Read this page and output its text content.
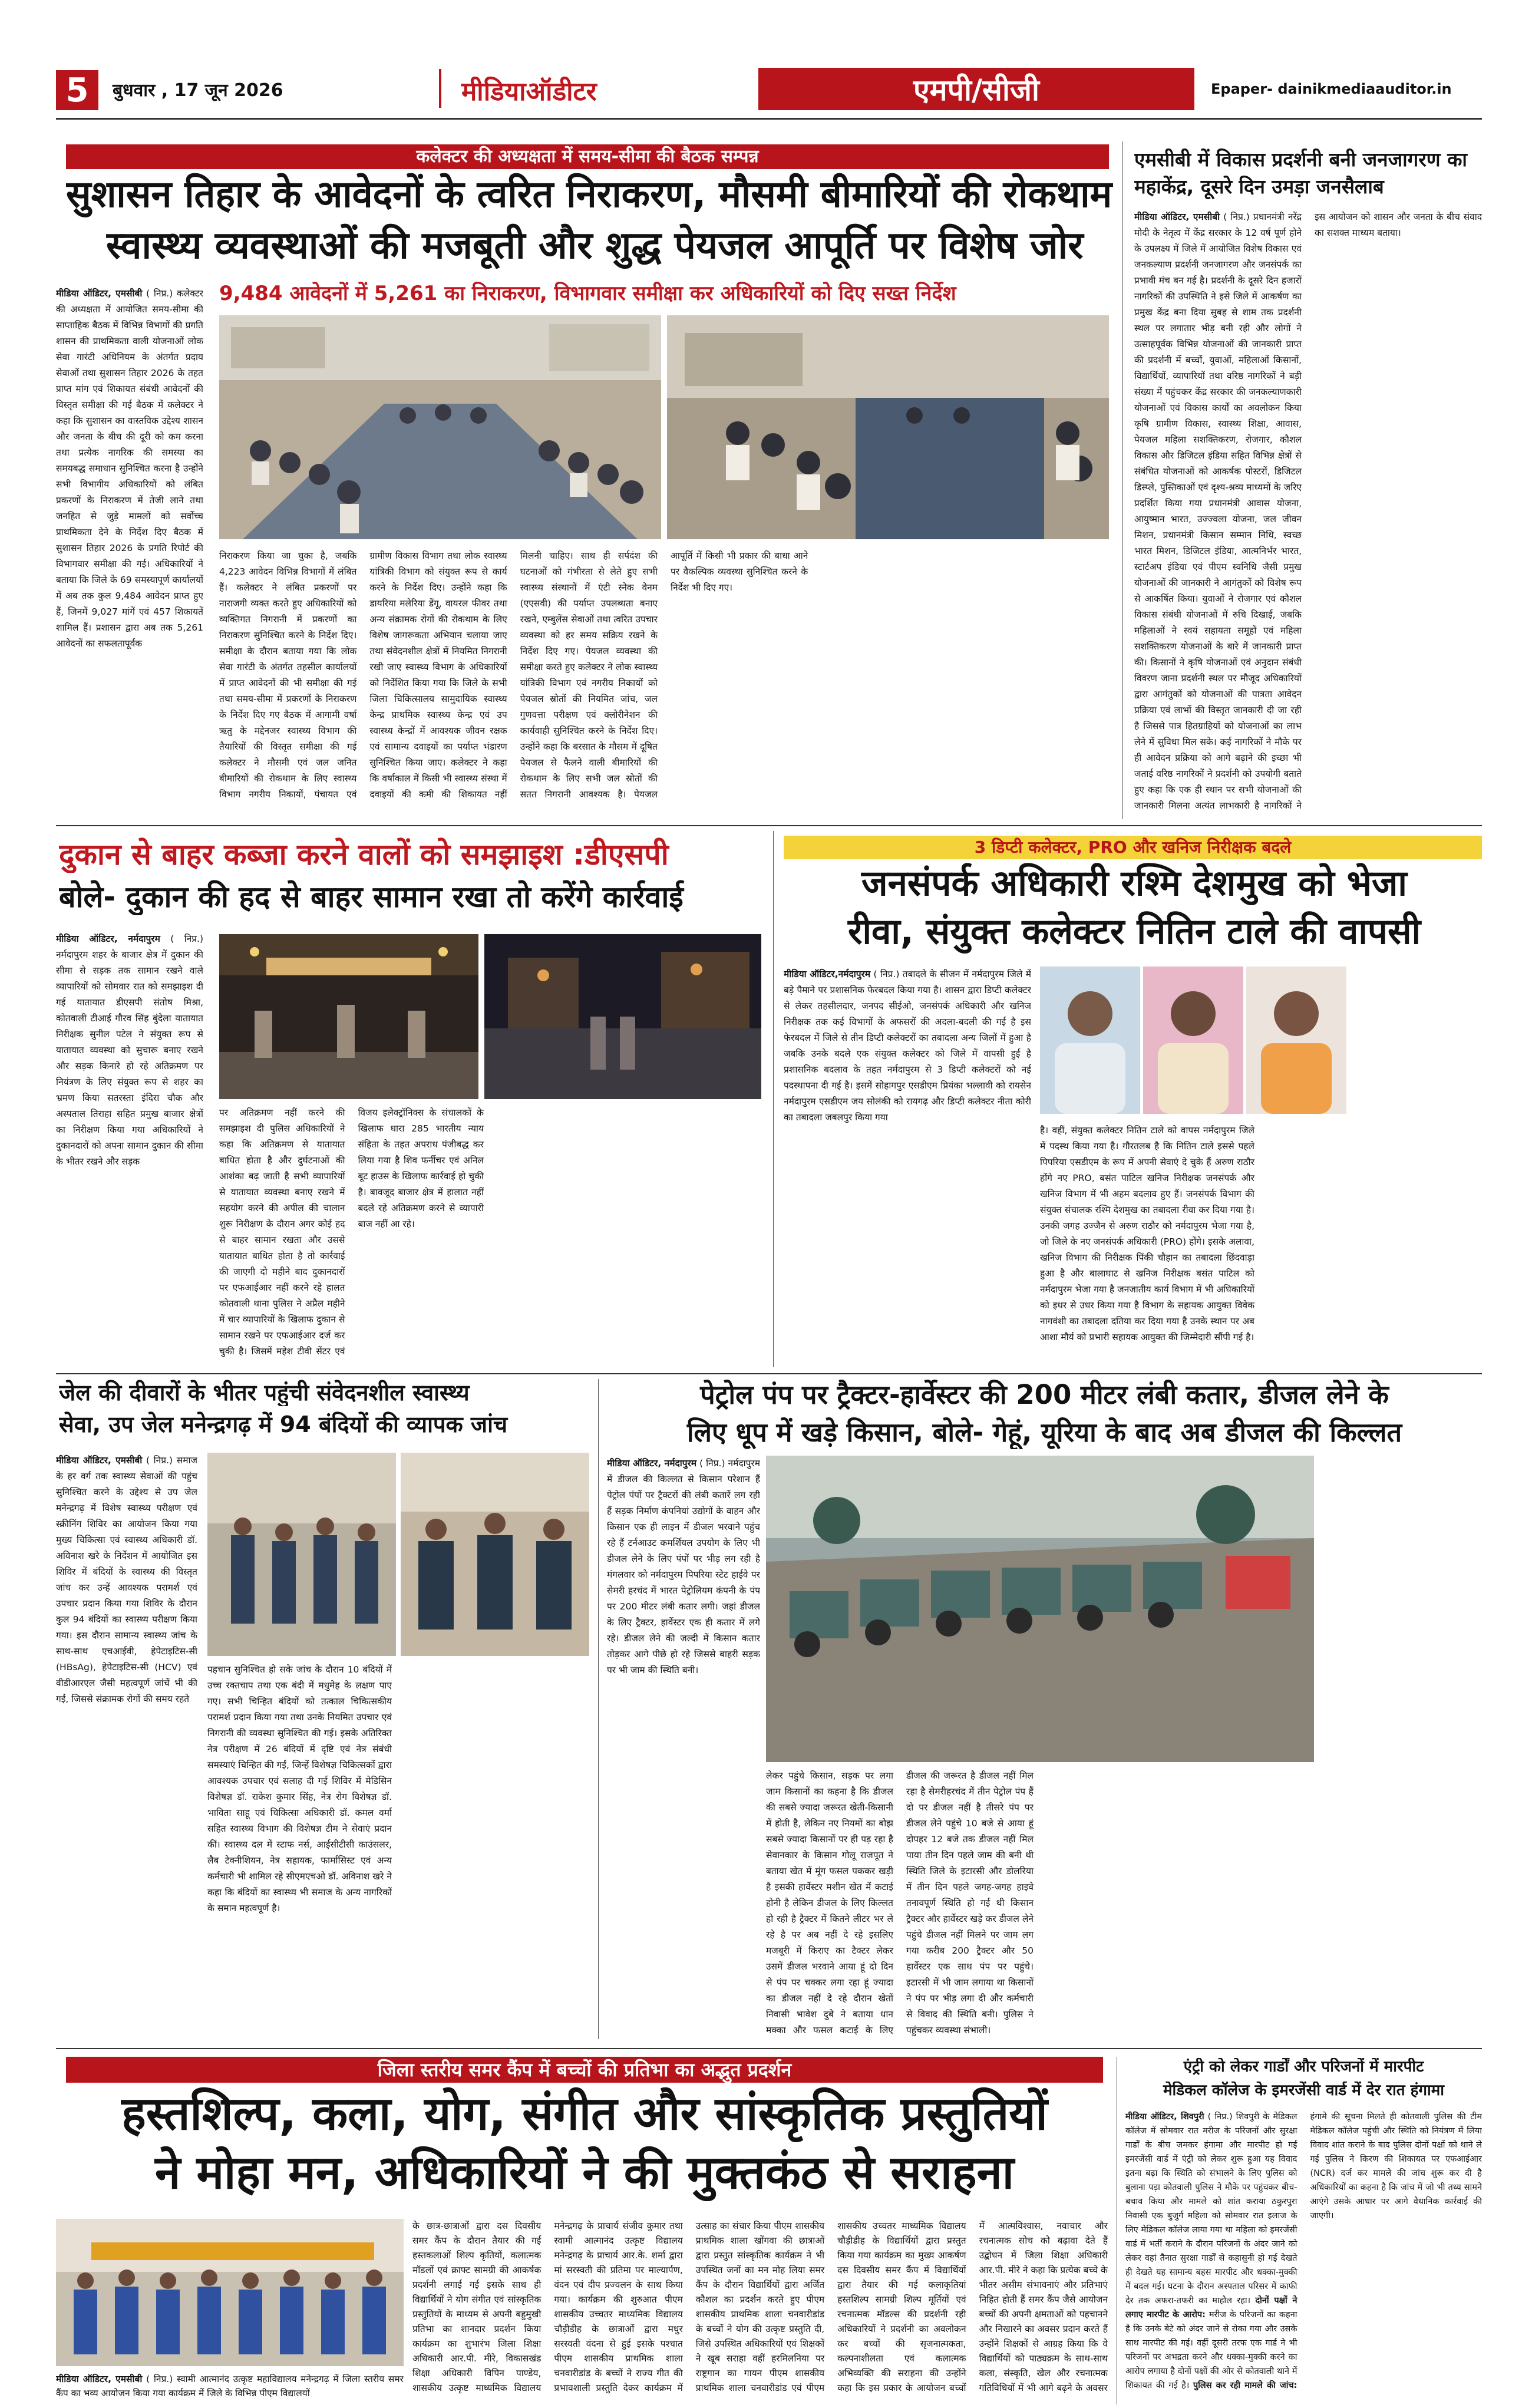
5 बुधवार , 17 जून 2026	मीडियाऑडीटर	एमपी/सीजी	Epaper- dainikmediaauditor.in
कलेक्टर की अध्यक्षता में समय-सीमा की बैठक सम्पन्न
सुशासन तिहार के आवेदनों के त्वरित निराकरण, मौसमी बीमारियों की रोकथाम
स्वास्थ्य व्यवस्थाओं की मजबूती और शुद्ध पेयजल आपूर्ति पर विशेष जोर
मीडिया ऑडिटर, एमसीबी ( निप्र.) कलेक्टर की अध्यक्षता में आयोजित समय-सीमा की साप्ताहिक बैठक में विभिन्न विभागों की प्रगति शासन की प्राथमिकता वाली योजनाओं लोक सेवा गारंटी अधिनियम के अंतर्गत प्रदाय सेवाओं तथा सुशासन तिहार 2026 के तहत प्राप्त मांग एवं शिकायत संबंधी आवेदनों की विस्तृत समीक्षा की गई बैठक में कलेक्टर ने कहा कि सुशासन का वास्तविक उद्देश्य शासन और जनता के बीच की दूरी को कम करना तथा प्रत्येक नागरिक की समस्या का समयबद्ध समाधान सुनिश्चित करना है उन्होंने सभी विभागीय अधिकारियों को लंबित प्रकरणों के निराकरण में तेजी लाने तथा जनहित से जुड़े मामलों को सर्वोच्च प्राथमिकता देने के निर्देश दिए बैठक में सुशासन तिहार 2026 के प्रगति रिपोर्ट की विभागवार समीक्षा की गई। अधिकारियों ने बताया कि जिले के 69 समस्यापूर्ण कार्यालयों में अब तक कुल 9,484 आवेदन प्राप्त हुए हैं, जिनमें 9,027 मांगें एवं 457 शिकायतें शामिल हैं। प्रशासन द्वारा अब तक 5,261 आवेदनों का सफलतापूर्वक
9,484 आवेदनों में 5,261 का निराकरण, विभागवार समीक्षा कर अधिकारियों को दिए सख्त निर्देश
निराकरण किया जा चुका है, जबकि 4,223 आवेदन विभिन्न विभागों में लंबित हैं। कलेक्टर ने लंबित प्रकरणों पर नाराजगी व्यक्त करते हुए अधिकारियों को व्यक्तिगत निगरानी में प्रकरणों का निराकरण सुनिश्चित करने के निर्देश दिए। समीक्षा के दौरान बताया गया कि लोक सेवा गारंटी के अंतर्गत तहसील कार्यालयों में प्राप्त आवेदनों की भी समीक्षा की गई तथा समय-सीमा में प्रकरणों के निराकरण के निर्देश दिए गए बैठक में आगामी वर्षा ऋतु के मद्देनजर स्वास्थ्य विभाग की तैयारियों की विस्तृत समीक्षा की गई कलेक्टर ने मौसमी एवं जल जनित बीमारियों की रोकथाम के लिए स्वास्थ्य विभाग नगरीय निकायों, पंचायत एवं ग्रामीण विकास विभाग तथा लोक स्वास्थ्य यांत्रिकी विभाग को संयुक्त रूप से कार्य करने के निर्देश दिए। उन्होंने कहा कि डायरिया मलेरिया डेंगू, वायरल फीवर तथा अन्य संक्रामक रोगों की रोकथाम के लिए विशेष जागरूकता अभियान चलाया जाए तथा संवेदनशील क्षेत्रों में नियमित निगरानी रखी जाए स्वास्थ्य विभाग के अधिकारियों को निर्देशित किया गया कि जिले के सभी जिला चिकित्सालय सामुदायिक स्वास्थ्य केन्द्र प्राथमिक स्वास्थ्य केन्द्र एवं उप स्वास्थ्य केन्द्रों में आवश्यक जीवन रक्षक एवं सामान्य दवाइयों का पर्याप्त भंडारण सुनिश्चित किया जाए। कलेक्टर ने कहा कि वर्षाकाल में किसी भी स्वास्थ्य संस्था में दवाइयों की कमी की शिकायत नहीं मिलनी चाहिए। साथ ही सर्पदंश की घटनाओं को गंभीरता से लेते हुए सभी स्वास्थ्य संस्थानों में एंटी स्नेक वेनम (एएसवी) की पर्याप्त उपलब्धता बनाए रखने, एम्बुलेंस सेवाओं तथा त्वरित उपचार व्यवस्था को हर समय सक्रिय रखने के निर्देश दिए गए। पेयजल व्यवस्था की समीक्षा करते हुए कलेक्टर ने लोक स्वास्थ्य यांत्रिकी विभाग एवं नगरीय निकायों को पेयजल स्रोतों की नियमित जांच, जल गुणवत्ता परीक्षण एवं क्लोरीनेशन की कार्यवाही सुनिश्चित करने के निर्देश दिए। उन्होंने कहा कि बरसात के मौसम में दूषित पेयजल से फैलने वाली बीमारियों की रोकथाम के लिए सभी जल स्रोतों की सतत निगरानी आवश्यक है। पेयजल आपूर्ति में किसी भी प्रकार की बाधा आने पर वैकल्पिक व्यवस्था सुनिश्चित करने के निर्देश भी दिए गए।
एमसीबी में विकास प्रदर्शनी बनी जनजागरण का महाकेंद्र, दूसरे दिन उमड़ा जनसैलाब
मीडिया ऑडिटर, एमसीबी ( निप्र.) प्रधानमंत्री नरेंद्र मोदी के नेतृत्व में केंद्र सरकार के 12 वर्ष पूर्ण होने के उपलक्ष्य में जिले में आयोजित विशेष विकास एवं जनकल्याण प्रदर्शनी जनजागरण और जनसंपर्क का प्रभावी मंच बन गई है। प्रदर्शनी के दूसरे दिन हजारों नागरिकों की उपस्थिति ने इसे जिले में आकर्षण का प्रमुख केंद्र बना दिया सुबह से शाम तक प्रदर्शनी स्थल पर लगातार भीड़ बनी रही और लोगों ने उत्साहपूर्वक विभिन्न योजनाओं की जानकारी प्राप्त की प्रदर्शनी में बच्चों, युवाओं, महिलाओं किसानों, विद्यार्थियों, व्यापारियों तथा वरिष्ठ नागरिकों ने बड़ी संख्या में पहुंचकर केंद्र सरकार की जनकल्याणकारी योजनाओं एवं विकास कार्यों का अवलोकन किया कृषि ग्रामीण विकास, स्वास्थ्य शिक्षा, आवास, पेयजल महिला सशक्तिकरण, रोजगार, कौशल विकास और डिजिटल इंडिया सहित विभिन्न क्षेत्रों से संबंधित योजनाओं को आकर्षक पोस्टरों, डिजिटल डिस्प्ले, पुस्तिकाओं एवं दृश्य-श्रव्य माध्यमों के जरिए प्रदर्शित किया गया प्रधानमंत्री आवास योजना, आयुष्मान भारत, उज्ज्वला योजना, जल जीवन मिशन, प्रधानमंत्री किसान सम्मान निधि, स्वच्छ भारत मिशन, डिजिटल इंडिया, आत्मनिर्भर भारत, स्टार्टअप इंडिया एवं पीएम स्वनिधि जैसी प्रमुख योजनाओं की जानकारी ने आगंतुकों को विशेष रूप से आकर्षित किया। युवाओं ने रोजगार एवं कौशल विकास संबंधी योजनाओं में रुचि दिखाई, जबकि महिलाओं ने स्वयं सहायता समूहों एवं महिला सशक्तिकरण योजनाओं के बारे में जानकारी प्राप्त की। किसानों ने कृषि योजनाओं एवं अनुदान संबंधी विवरण जाना प्रदर्शनी स्थल पर मौजूद अधिकारियों द्वारा आगंतुकों को योजनाओं की पात्रता आवेदन प्रक्रिया एवं लाभों की विस्तृत जानकारी दी जा रही है जिससे पात्र हितग्राहियों को योजनाओं का लाभ लेने में सुविधा मिल सके। कई नागरिकों ने मौके पर ही आवेदन प्रक्रिया को आगे बढ़ाने की इच्छा भी जताई वरिष्ठ नागरिकों ने प्रदर्शनी को उपयोगी बताते हुए कहा कि एक ही स्थान पर सभी योजनाओं की जानकारी मिलना अत्यंत लाभकारी है नागरिकों ने इस आयोजन को शासन और जनता के बीच संवाद का सशक्त माध्यम बताया।
दुकान से बाहर कब्जा करने वालों को समझाइश :डीएसपी
बोले- दुकान की हद से बाहर सामान रखा तो करेंगे कार्रवाई
मीडिया ऑडिटर, नर्मदापुरम ( निप्र.) नर्मदापुरम शहर के बाजार क्षेत्र में दुकान की सीमा से सड़क तक सामान रखने वाले व्यापारियों को सोमवार रात को समझाइश दी गई यातायात डीएसपी संतोष मिश्रा, कोतवाली टीआई गौरव सिंह बुंदेला यातायात निरीक्षक सुनील पटेल ने संयुक्त रूप से यातायात व्यवस्था को सुचारू बनाए रखने और सड़क किनारे हो रहे अतिक्रमण पर नियंत्रण के लिए संयुक्त रूप से शहर का भ्रमण किया सतरस्ता इंदिरा चौक और अस्पताल तिराहा सहित प्रमुख बाजार क्षेत्रों का निरीक्षण किया गया अधिकारियों ने दुकानदारों को अपना सामान दुकान की सीमा के भीतर रखने और सड़क
पर अतिक्रमण नहीं करने की समझाइश दी पुलिस अधिकारियों ने कहा कि अतिक्रमण से यातायात बाधित होता है और दुर्घटनाओं की आशंका बढ़ जाती है सभी व्यापारियों से यातायात व्यवस्था बनाए रखने में सहयोग करने की अपील की चालान शुरू निरीक्षण के दौरान अगर कोई हद से बाहर सामान रखता और उससे यातायात बाधित होता है तो कार्रवाई की जाएगी दो महीने बाद दुकानदारों पर एफआईआर नहीं करने रहे हालत कोतवाली थाना पुलिस ने अप्रैल महीने में चार व्यापारियों के खिलाफ दुकान से सामान रखने पर एफआईआर दर्ज कर चुकी है। जिसमें महेश टीवी सेंटर एवं विजय इलेक्ट्रॉनिक्स के संचालकों के खिलाफ धारा 285 भारतीय न्याय संहिता के तहत अपराध पंजीबद्ध कर लिया गया है शिव फर्नीचर एवं अनिल बूट हाउस के खिलाफ कार्रवाई हो चुकी है। बावजूद बाजार क्षेत्र में हालात नहीं बदले रहे अतिक्रमण करने से व्यापारी बाज नहीं आ रहे।
3 डिप्टी कलेक्टर, PRO और खनिज निरीक्षक बदले
जनसंपर्क अधिकारी रश्मि देशमुख को भेजा
रीवा, संयुक्त कलेक्टर नितिन टाले की वापसी
मीडिया ऑडिटर,नर्मदापुरम ( निप्र.) तबादले के सीजन में नर्मदापुरम जिले में बड़े पैमाने पर प्रशासनिक फेरबदल किया गया है। शासन द्वारा डिप्टी कलेक्टर से लेकर तहसीलदार, जनपद सीईओ, जनसंपर्क अधिकारी और खनिज निरीक्षक तक कई विभागों के अफसरों की अदला-बदली की गई है इस फेरबदल में जिले से तीन डिप्टी कलेक्टरों का तबादला अन्य जिलों में हुआ है जबकि उनके बदले एक संयुक्त कलेक्टर को जिले में वापसी हुई है प्रशासनिक बदलाव के तहत नर्मदापुरम से 3 डिप्टी कलेक्टरों को नई पदस्थापना दी गई है। इसमें सोहागपुर एसडीएम प्रियंका भल्लावी को रायसेन नर्मदापुरम एसडीएम जय सोलंकी को रायगढ़ और डिप्टी कलेक्टर नीता कोरी का तबादला जबलपुर किया गया
है। वहीं, संयुक्त कलेक्टर नितिन टाले को वापस नर्मदापुरम जिले में पदस्थ किया गया है। गौरतलब है कि नितिन टाले इससे पहले पिपरिया एसडीएम के रूप में अपनी सेवाएं दे चुके हैं अरुण राठौर होंगे नए PRO, बसंत पाटिल खनिज निरीक्षक जनसंपर्क और खनिज विभाग में भी अहम बदलाव हुए हैं। जनसंपर्क विभाग की संयुक्त संचालक रश्मि देशमुख का तबादला रीवा कर दिया गया है। उनकी जगह उज्जैन से अरुण राठौर को नर्मदापुरम भेजा गया है, जो जिले के नए जनसंपर्क अधिकारी (PRO) होंगे। इसके अलावा, खनिज विभाग की निरीक्षक पिंकी चौहान का तबादला छिंदवाड़ा हुआ है और बालाघाट से खनिज निरीक्षक बसंत पाटिल को नर्मदापुरम भेजा गया है जनजातीय कार्य विभाग में भी अधिकारियों को इधर से उधर किया गया है विभाग के सहायक आयुक्त विवेक नागवंशी का तबादला दतिया कर दिया गया है उनके स्थान पर अब आशा मौर्य को प्रभारी सहायक आयुक्त की जिम्मेदारी सौंपी गई है।
जेल की दीवारों के भीतर पहुंची संवेदनशील स्वास्थ्य
सेवा, उप जेल मनेन्द्रगढ़ में 94 बंदियों की व्यापक जांच
मीडिया ऑडिटर, एमसीबी ( निप्र.) समाज के हर वर्ग तक स्वास्थ्य सेवाओं की पहुंच सुनिश्चित करने के उद्देश्य से उप जेल मनेन्द्रगढ़ में विशेष स्वास्थ्य परीक्षण एवं स्क्रीनिंग शिविर का आयोजन किया गया मुख्य चिकित्सा एवं स्वास्थ्य अधिकारी डॉ. अविनाश खरे के निर्देशन में आयोजित इस शिविर में बंदियों के स्वास्थ्य की विस्तृत जांच कर उन्हें आवश्यक परामर्श एवं उपचार प्रदान किया गया शिविर के दौरान कुल 94 बंदियों का स्वास्थ्य परीक्षण किया गया। इस दौरान सामान्य स्वास्थ्य जांच के साथ-साथ एचआईवी, हेपेटाइटिस-सी (HBsAg), हेपेटाइटिस-सी (HCV) एवं वीडीआरएल जैसी महत्वपूर्ण जांचें भी की गईं, जिससे संक्रामक रोगों की समय रहते
पहचान सुनिश्चित हो सके जांच के दौरान 10 बंदियों में उच्च रक्तचाप तथा एक बंदी में मधुमेह के लक्षण पाए गए। सभी चिन्हित बंदियों को तत्काल चिकित्सकीय परामर्श प्रदान किया गया तथा उनके नियमित उपचार एवं निगरानी की व्यवस्था सुनिश्चित की गई। इसके अतिरिक्त नेत्र परीक्षण में 26 बंदियों में दृष्टि एवं नेत्र संबंधी समस्याएं चिन्हित की गईं, जिन्हें विशेषज्ञ चिकित्सकों द्वारा आवश्यक उपचार एवं सलाह दी गई शिविर में मेडिसिन विशेषज्ञ डॉ. राकेश कुमार सिंह, नेत्र रोग विशेषज्ञ डॉ. भाविता साहू एवं चिकित्सा अधिकारी डॉ. कमल वर्मा सहित स्वास्थ्य विभाग की विशेषज्ञ टीम ने सेवाएं प्रदान कीं। स्वास्थ्य दल में स्टाफ नर्स, आईसीटीसी काउंसलर, लैब टेक्नीशियन, नेत्र सहायक, फार्मासिस्ट एवं अन्य कर्मचारी भी शामिल रहे सीएमएचओ डॉ. अविनाश खरे ने कहा कि बंदियों का स्वास्थ्य भी समाज के अन्य नागरिकों के समान महत्वपूर्ण है।
पेट्रोल पंप पर ट्रैक्टर-हार्वेस्टर की 200 मीटर लंबी कतार, डीजल लेने के
लिए धूप में खड़े किसान, बोले- गेहूं, यूरिया के बाद अब डीजल की किल्लत
मीडिया ऑडिटर, नर्मदापुरम ( निप्र.) नर्मदापुरम में डीजल की किल्लत से किसान परेशान हैं पेट्रोल पंपों पर ट्रैक्टरों की लंबी कतारें लग रही हैं सड़क निर्माण कंपनियां उद्योगों के वाहन और किसान एक ही लाइन में डीजल भरवाने पहुंच रहे हैं टर्नआउट कमर्शियल उपयोग के लिए भी डीजल लेने के लिए पंपों पर भीड़ लग रही है मंगलवार को नर्मदापुरम पिपरिया स्टेट हाईवे पर सेमरी हरचंद में भारत पेट्रोलियम कंपनी के पंप पर 200 मीटर लंबी कतार लगी। जहां डीजल के लिए ट्रैक्टर, हार्वेस्टर एक ही कतार में लगे रहे। डीजल लेने की जल्दी में किसान कतार तोड़कर आगे पीछे हो रहे जिससे बाहरी सड़क पर भी जाम की स्थिति बनी।
लेकर पहुंचे किसान, सड़क पर लगा जाम किसानों का कहना है कि डीजल की सबसे ज्यादा जरूरत खेती-किसानी में होती है, लेकिन नए नियमों का बोझ सबसे ज्यादा किसानों पर ही पड़ रहा है सेवानकार के किसान गोलू राजपूत ने बताया खेत में मूंग फसल पककर खड़ी है इसकी हार्वेस्टर मशीन खेत में कटाई होनी है लेकिन डीजल के लिए किल्लत हो रही है ट्रैक्टर में कितने लीटर भर ले रहे है पर अब नहीं दे रहे इसलिए मजबूरी में किराए का टैक्टर लेकर उसमें डीजल भरवाने आया हूं दो दिन से पंप पर चक्कर लगा रहा हूं ज्यादा का डीजल नहीं दे रहे दौरान खेतों निवासी भावेश दुबे ने बताया धान मक्का और फसल कटाई के लिए डीजल की जरूरत है डीजल नहीं मिल रहा है सेमरीहरचंद में तीन पेट्रोल पंप हैं दो पर डीजल नहीं है तीसरे पंप पर डीजल लेने पहुंचे 10 बजे से आया हूं दोपहर 12 बजे तक डीजल नहीं मिल पाया तीन दिन पहले जाम की बनी थी स्थिति जिले के इटारसी और डोलरिया में तीन दिन पहले जगह-जगह हाइवे तनावपूर्ण स्थिति हो गई थी किसान ट्रैक्टर और हार्वेस्टर खड़े कर डीजल लेने पहुंचे डीजल नहीं मिलने पर जाम लग गया करीब 200 ट्रैक्टर और 50 हार्वेस्टर एक साथ पंप पर पहुंचे। इटारसी में भी जाम लगाया था किसानों ने पंप पर भीड़ लगा दी और कर्मचारी से विवाद की स्थिति बनी। पुलिस ने पहुंचकर व्यवस्था संभाली।
जिला स्तरीय समर कैंप में बच्चों की प्रतिभा का अद्भुत प्रदर्शन
हस्तशिल्प, कला, योग, संगीत और सांस्कृतिक प्रस्तुतियों
ने मोहा मन, अधिकारियों ने की मुक्तकंठ से सराहना
मीडिया ऑडिटर, एमसीबी ( निप्र.) स्वामी आत्मानंद उत्कृष्ट महाविद्यालय मनेन्द्रगढ़ में जिला स्तरीय समर कैंप का भव्य आयोजन किया गया कार्यक्रम में जिले के विभिन्न पीएम विद्यालयों
के छात्र-छात्राओं द्वारा दस दिवसीय समर कैंप के दौरान तैयार की गई हस्तकलाओं शिल्प कृतियों, कलात्मक मॉडलों एवं क्राफ्ट सामग्री की आकर्षक प्रदर्शनी लगाई गई इसके साथ ही विद्यार्थियों ने योग संगीत एवं सांस्कृतिक प्रस्तुतियों के माध्यम से अपनी बहुमुखी प्रतिभा का शानदार प्रदर्शन किया कार्यक्रम का शुभारंभ जिला शिक्षा अधिकारी आर.पी. मीरे, विकासखंड शिक्षा अधिकारी विपिन पाण्डेय, शासकीय उत्कृष्ट माध्यमिक विद्यालय मनेन्द्रगढ़ के प्राचार्य संजीव कुमार तथा स्वामी आत्मानंद उत्कृष्ट विद्यालय मनेन्द्रगढ़ के प्राचार्य आर.के. शर्मा द्वारा मां सरस्वती की प्रतिमा पर माल्यार्पण, वंदन एवं दीप प्रज्वलन के साथ किया गया। कार्यक्रम की शुरुआत पीएम शासकीय उच्चतर माध्यमिक विद्यालय चौड़ीडीह के छात्राओं द्वारा मधुर सरस्वती वंदना से हुई इसके पश्चात पीएम शासकीय प्राथमिक शाला चनवारीडांड के बच्चों ने राज्य गीत की प्रभावशाली प्रस्तुति देकर कार्यक्रम में उत्साह का संचार किया पीएम शासकीय प्राथमिक शाला खोंगवा की छात्राओं द्वारा प्रस्तुत सांस्कृतिक कार्यक्रम ने भी उपस्थित जनों का मन मोह लिया समर कैंप के दौरान विद्यार्थियों द्वारा अर्जित कौशल का प्रदर्शन करते हुए पीएम शासकीय प्राथमिक शाला चनवारीडांड के बच्चों ने योग की उत्कृष्ट प्रस्तुति दी, जिसे उपस्थित अधिकारियों एवं शिक्षकों ने खूब सराहा वहीं हरमिलनिया पर राष्ट्रगान का गायन पीएम शासकीय प्राथमिक शाला चनवारीडांड एवं पीएम शासकीय उच्चतर माध्यमिक विद्यालय चौड़ीडीह के विद्यार्थियों द्वारा प्रस्तुत किया गया कार्यक्रम का मुख्य आकर्षण दस दिवसीय समर कैंप में विद्यार्थियों द्वारा तैयार की गई कलाकृतियां हस्तशिल्प सामग्री शिल्प मूर्तियों एवं रचनात्मक मॉडल्स की प्रदर्शनी रही अधिकारियों ने प्रदर्शनी का अवलोकन कर बच्चों की सृजनात्मकता, कल्पनाशीलता एवं कलात्मक अभिव्यक्ति की सराहना की उन्होंने कहा कि इस प्रकार के आयोजन बच्चों में आत्मविश्वास, नवाचार और रचनात्मक सोच को बढ़ावा देते हैं उद्बोधन में जिला शिक्षा अधिकारी आर.पी. मीरे ने कहा कि प्रत्येक बच्चे के भीतर असीम संभावनाएं और प्रतिभाएं निहित होती हैं समर कैंप जैसे आयोजन बच्चों की अपनी क्षमताओं को पहचानने और निखारने का अवसर प्रदान करते हैं उन्होंने शिक्षकों से आग्रह किया कि वे विद्यार्थियों को पाठ्यक्रम के साथ-साथ कला, संस्कृति, खेल और रचनात्मक गतिविधियों में भी आगे बढ़ने के अवसर
एंट्री को लेकर गार्डों और परिजनों में मारपीट
मेडिकल कॉलेज के इमरजेंसी वार्ड में देर रात हंगामा
मीडिया ऑडिटर, शिवपुरी ( निप्र.) शिवपुरी के मेडिकल कॉलेज में सोमवार रात मरीज के परिजनों और सुरक्षा गार्डों के बीच जमकर हंगामा और मारपीट हो गई इमरजेंसी वार्ड में एंट्री को लेकर शुरू हुआ यह विवाद इतना बढ़ा कि स्थिति को संभालने के लिए पुलिस को बुलाना पड़ा कोतवाली पुलिस ने मौके पर पहुंचकर बीच-बचाव किया और मामले को शांत कराया ठकुरपुरा निवासी एक बुजुर्ग महिला को सोमवार रात इलाज के लिए मेडिकल कॉलेज लाया गया था महिला को इमरजेंसी वार्ड में भर्ती कराने के दौरान परिजनों के अंदर जाने को लेकर वहां तैनात सुरक्षा गार्डों से कहासुनी हो गई देखते ही देखते यह सामान्य बहस मारपीट और धक्का-मुक्की में बदल गई। घटना के दौरान अस्पताल परिसर में काफी देर तक अफरा-तफरी का माहौल रहा। दोनों पक्षों ने लगाए मारपीट के आरोप: मरीज के परिजनों का कहना है कि उनके बेटे को अंदर जाने से रोका गया और उसके साथ मारपीट की गई। वहीं दूसरी तरफ एक गार्ड ने भी परिजनों पर अभद्रता करने और धक्का-मुक्की करने का आरोप लगाया है दोनों पक्षों की ओर से कोतवाली थाने में शिकायत की गई है। पुलिस कर रही मामले की जांच: हंगामे की सूचना मिलते ही कोतवाली पुलिस की टीम मेडिकल कॉलेज पहुंची और स्थिति को नियंत्रण में लिया विवाद शांत कराने के बाद पुलिस दोनों पक्षों को थाने ले गई पुलिस ने किरण की शिकायत पर एफआईआर (NCR) दर्ज कर मामले की जांच शुरू कर दी है अधिकारियों का कहना है कि जांच में जो भी तथ्य सामने आएंगे उसके आधार पर आगे वैधानिक कार्रवाई की जाएगी।
